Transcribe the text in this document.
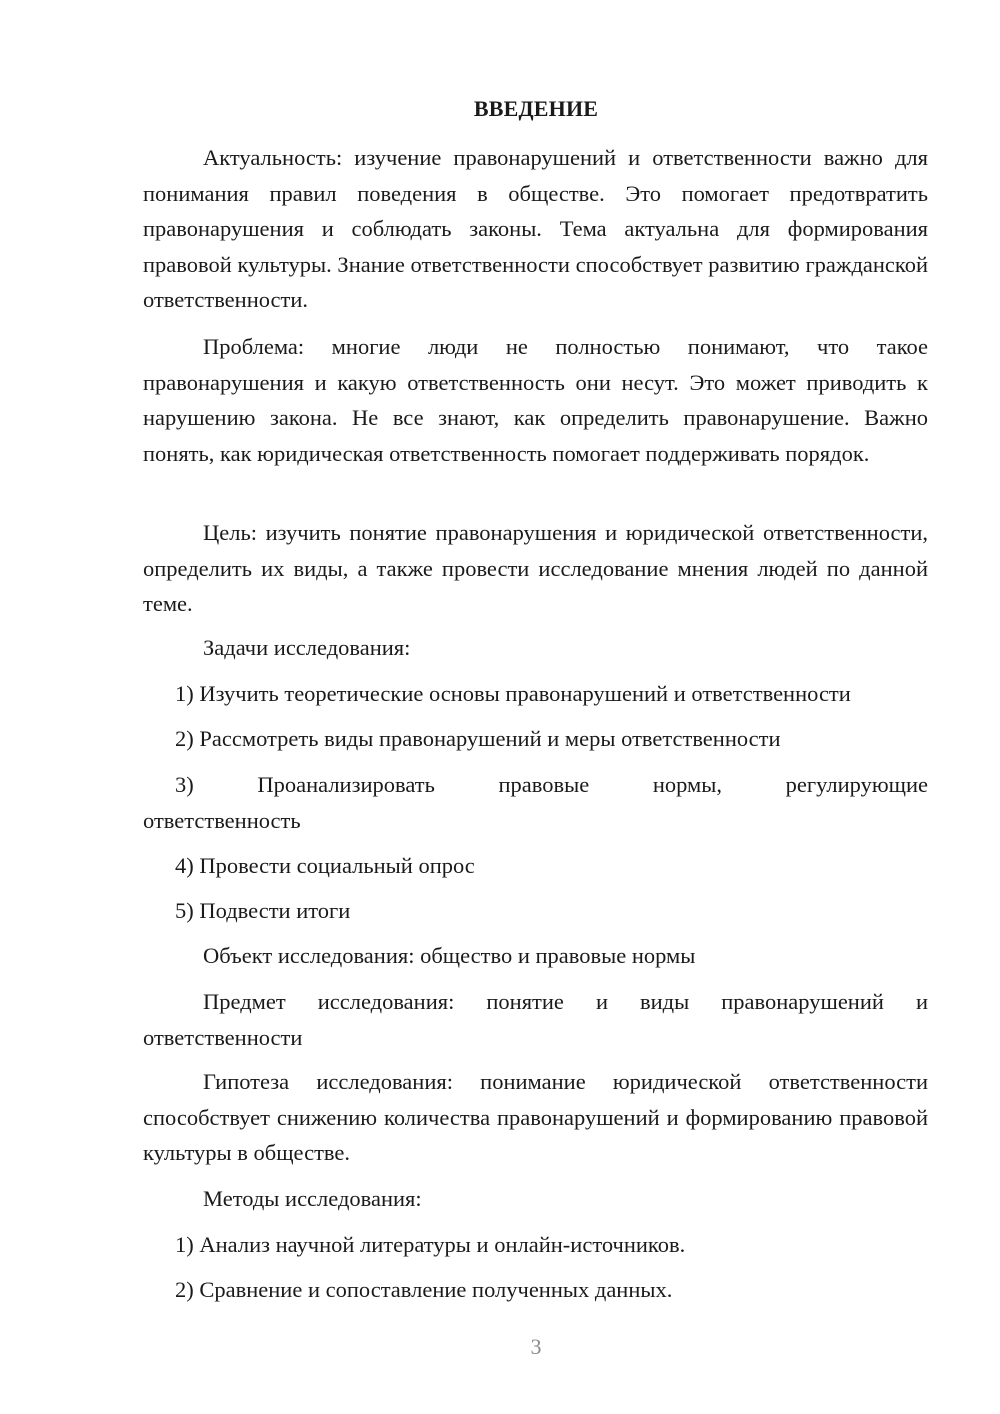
ВВЕДЕНИЕ

Актуальность: изучение правонарушений и ответственности важно для понимания правил поведения в обществе. Это помогает предотвратить правонарушения и соблюдать законы. Тема актуальна для формирования правовой культуры. Знание ответственности способствует развитию гражданской ответственности.

Проблема: многие люди не полностью понимают, что такое правонарушения и какую ответственность они несут. Это может приводить к нарушению закона. Не все знают, как определить правонарушение. Важно понять, как юридическая ответственность помогает поддерживать порядок.

Цель: изучить понятие правонарушения и юридической ответственности, определить их виды, а также провести исследование мнения людей по данной теме.

Задачи исследования:
1) Изучить теоретические основы правонарушений и ответственности
2) Рассмотреть виды правонарушений и меры ответственности

3) Проанализировать правовые нормы, регулирующие ответственность

4) Провести социальный опрос
5) Подвести итоги
Объект исследования: общество и правовые нормы

Предмет исследования: понятие и виды правонарушений и ответственности

Гипотеза исследования: понимание юридической ответственности способствует снижению количества правонарушений и формированию правовой культуры в обществе.

Методы исследования:
1) Анализ научной литературы и онлайн-источников.
2) Сравнение и сопоставление полученных данных.
3
